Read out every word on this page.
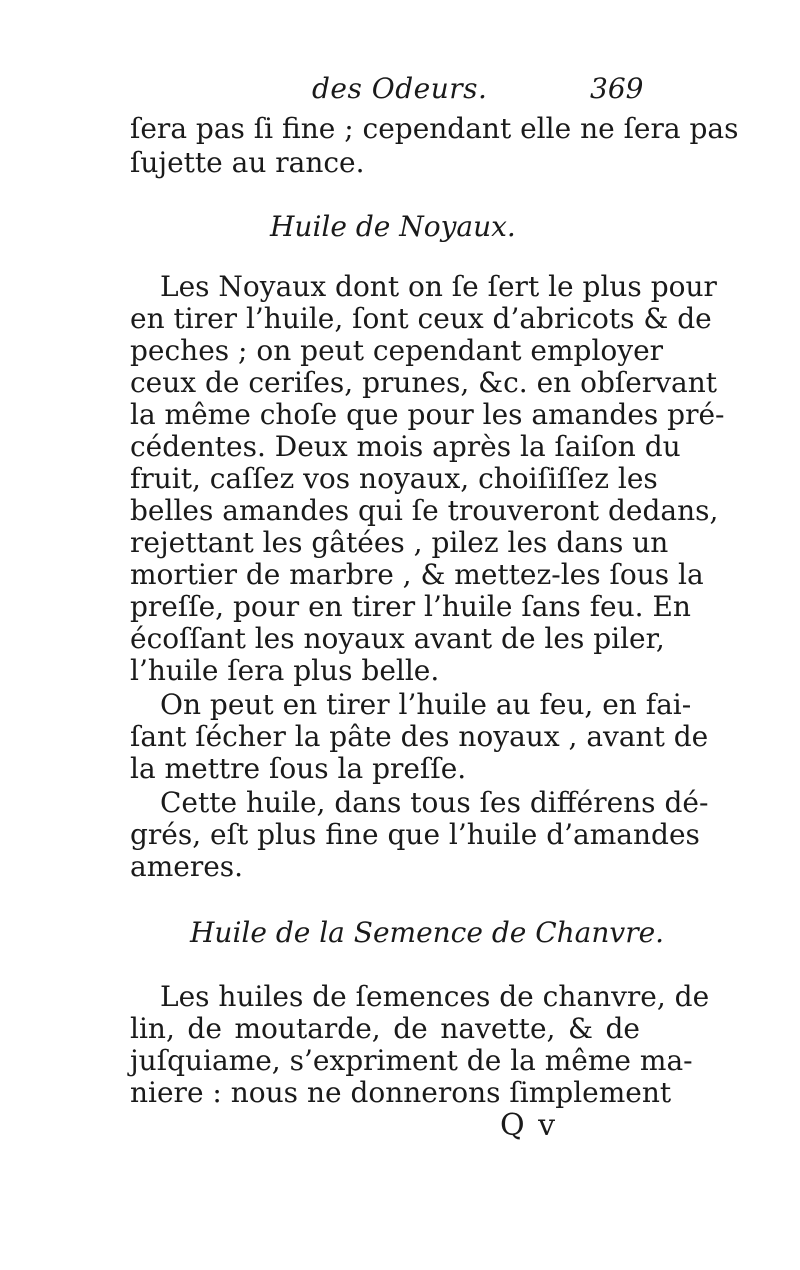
des Odeurs.	369
ſera pas ſi fine ; cependant elle ne ſera pas
ſujette au rance.
Huile de Noyaux.
Les Noyaux dont on ſe ſert le plus pour
en tirer l’huile, ſont ceux d’abricots & de
peches ; on peut cependant employer
ceux de ceriſes, prunes, &c. en obſervant
la même choſe que pour les amandes pré-
cédentes. Deux mois après la ſaiſon du
fruit, caſſez vos noyaux, choiſiſſez les
belles amandes qui ſe trouveront dedans,
rejettant les gâtées , pilez les dans un
mortier de marbre , & mettez-les ſous la
preſſe, pour en tirer l’huile ſans feu. En
écoſſant les noyaux avant de les piler,
l’huile ſera plus belle.
On peut en tirer l’huile au feu, en fai-
ſant ſécher la pâte des noyaux , avant de
la mettre ſous la preſſe.
Cette huile, dans tous ſes différens dé-
grés, eſt plus fine que l’huile d’amandes
ameres.
Huile de la Semence de Chanvre.
Les huiles de ſemences de chanvre, de
lin, de moutarde, de navette, & de
juſquiame, s’expriment de la même ma-
niere : nous ne donnerons ſimplement
Q v
